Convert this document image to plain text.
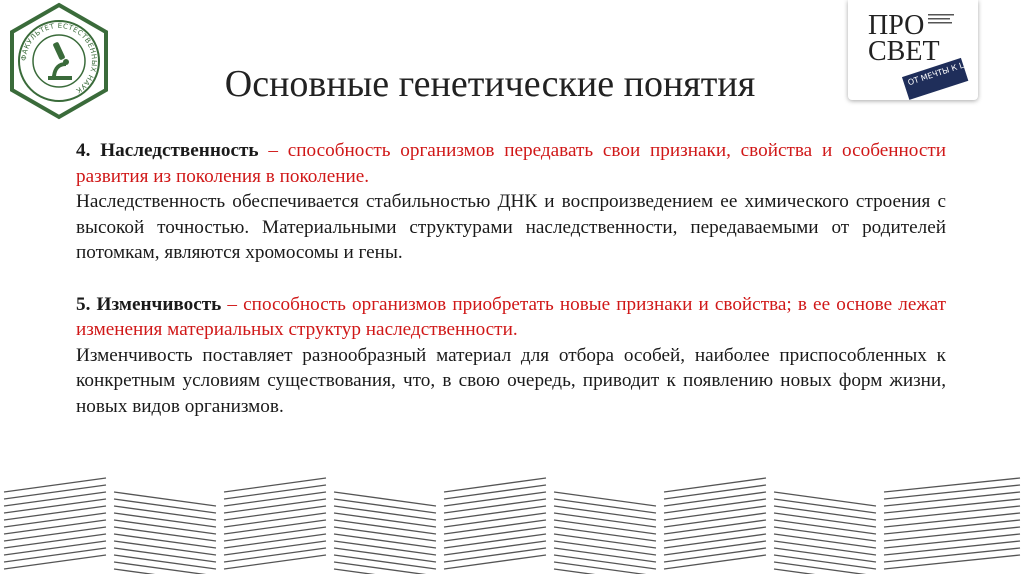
ФАКУЛЬТЕТ ЕСТЕСТВЕННЫХ НАУК
ПРО
СВЕТ
ОТ МЕЧТЫ К ЦЕЛИ
Основные генетические понятия

4. Наследственность – способность организмов передавать свои признаки, свойства и особенности развития из поколения в поколение.

Наследственность обеспечивается стабильностью ДНК и воспроизведением ее химического строения с высокой точностью. Материальными структурами наследственности, передаваемыми от родителей потомкам, являются хромосомы и гены.

5. Изменчивость – способность организмов приобретать новые признаки и свойства; в ее основе лежат изменения материальных структур наследственности.

Изменчивость поставляет разнообразный материал для отбора особей, наиболее приспособленных к конкретным условиям существования, что, в свою очередь, приводит к появлению новых форм жизни, новых видов организмов.
